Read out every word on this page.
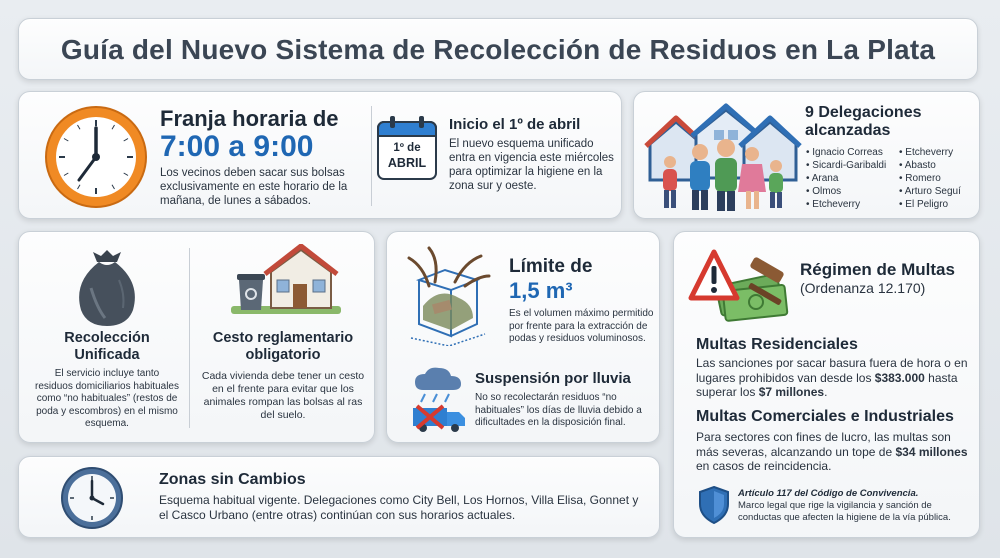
Guía del Nuevo Sistema de Recolección de Residuos en La Plata
Franja horaria de
7:00 a 9:00
Los vecinos deben sacar sus bolsas exclusivamente en este horario de la mañana, de lunes a sábados.
1º de
ABRIL
Inicio el 1º de abril
El nuevo esquema unificado entra en vigencia este miércoles para optimizar la higiene en la zona sur y oeste.
9 Delegaciones alcanzadas
• Ignacio Correas
• Sicardi-Garibaldi
• Arana
• Olmos
• Etcheverry
• Etcheverry
• Abasto
• Romero
• Arturo Seguí
• El Peligro
Recolección Unificada
El servicio incluye tanto residuos domiciliarios habituales como “no habituales” (restos de poda y escombros) en el mismo esquema.
Cesto reglamentario obligatorio
Cada vivienda debe tener un cesto en el frente para evitar que los animales rompan las bolsas al ras del suelo.
Límite de
1,5 m³
Es el volumen máximo permitido por frente para la extracción de podas y residuos voluminosos.
Suspensión por lluvia
No so recolectarán residuos “no habituales” los días de lluvia debido a dificultades en la disposición final.
Régimen de Multas
(Ordenanza 12.170)
Multas Residenciales
Las sanciones por sacar basura fuera de hora o en lugares prohibidos van desde los $383.000 hasta superar los $7 millones.
Multas Comerciales e Industriales
Para sectores con fines de lucro, las multas son más severas, alcanzando un tope de $34 millones en casos de reincidencia.
Artículo 117 del Código de Convivencia.
Marco legal que rige la vigilancia y sanción de conductas que afecten la higiene de la vía pública.
Zonas sin Cambios
Esquema habitual vigente. Delegaciones como City Bell, Los Hornos, Villa Elisa, Gonnet y el Casco Urbano (entre otras) continúan con sus horarios actuales.
